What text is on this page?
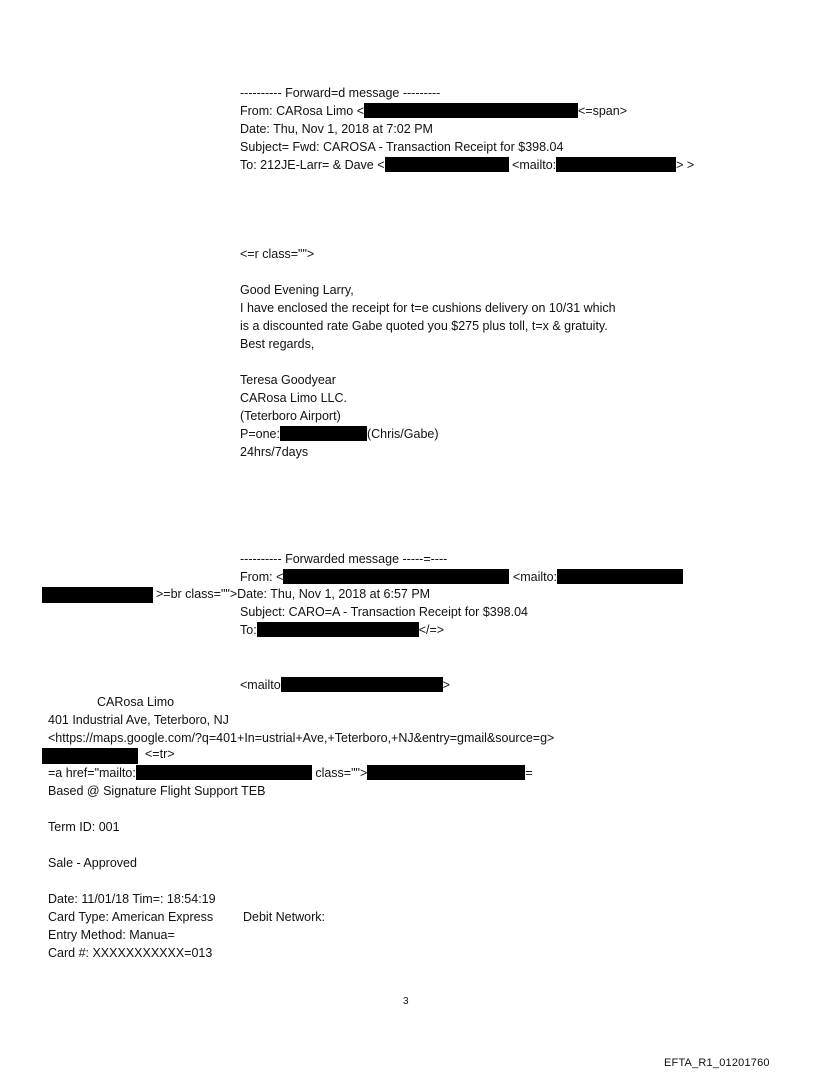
---------- Forward=d message ---------
From: CARosa Limo <	<=span>
Date: Thu, Nov 1, 2018 at 7:02 PM
Subject= Fwd: CAROSA - Transaction Receipt for $398.04
To: 212JE-Larr= & Dave <	<mailto:	> >
<=r class="">
Good Evening Larry,
I have enclosed the receipt for t=e cushions delivery on 10/31 which
is a discounted rate Gabe quoted you $275 plus toll, t=x & gratuity.
Best regards,
Teresa Goodyear
CARosa Limo LLC.
(Teterboro Airport)
P=one:	(Chris/Gabe)
24hrs/7days
---------- Forwarded message -----=----
From: <	<mailto:
>=br class="">Date: Thu, Nov 1, 2018 at 6:57 PM
Subject: CARO=A - Transaction Receipt for $398.04
To:	</=>
<mailto	>
CARosa Limo
401 Industrial Ave, Teterboro, NJ
<https://maps.google.com/?q=401+In=ustrial+Ave,+Teterboro,+NJ&entry=gmail&source=g>
<=tr>
=a href="mailto:	class="">	=
Based @ Signature Flight Support TEB
Term ID: 001
Sale - Approved
Date: 11/01/18 Tim=: 18:54:19
Card Type: American Express Debit Network:
Entry Method: Manua=
Card #: XXXXXXXXXXX=013
3
EFTA_R1_01201760
